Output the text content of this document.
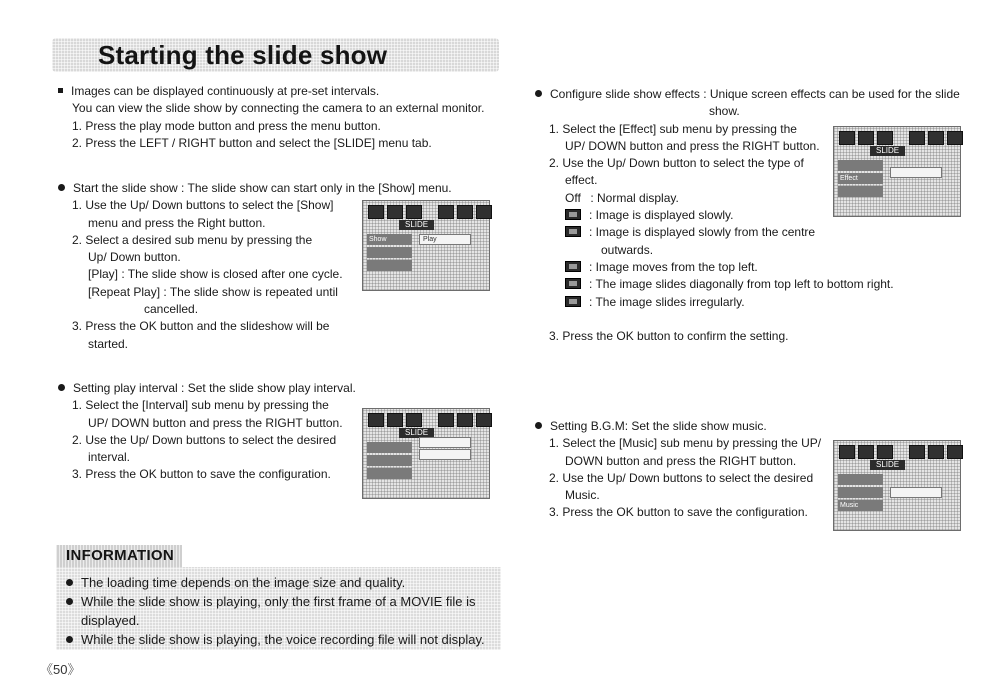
Starting the slide show
Images can be displayed continuously at pre-set intervals.
You can view the slide show by connecting the camera to an external monitor.
1. Press the play mode button and press the menu button.
2. Press the LEFT / RIGHT button and select the [SLIDE] menu tab.
Start the slide show : The slide show can start only in the [Show] menu.
1. Use the Up/ Down buttons to select the [Show]
menu and press the Right button.
2. Select a desired sub menu by pressing the
Up/ Down button.
[Play] : The slide show is closed after one cycle.
[Repeat Play] : The slide show is repeated until
cancelled.
3. Press the OK button and the slideshow will be
started.
Setting play interval : Set the slide show play interval.
1. Select the [Interval] sub menu by pressing the
UP/ DOWN button and press the RIGHT button.
2. Use the Up/ Down buttons to select the desired
interval.
3. Press the OK button to save the configuration.
SLIDE
Show	Play
SLIDE
Configure slide show effects : Unique screen effects can be used for the slide
show.
1. Select the [Effect] sub menu by pressing the
UP/ DOWN button and press the RIGHT button.
2. Use the Up/ Down button to select the type of
effect.
Off : Normal display.
: Image is displayed slowly.
: Image is displayed slowly from the centre
outwards.
: Image moves from the top left.
: The image slides diagonally from top left to bottom right.
: The image slides irregularly.
3. Press the OK button to confirm the setting.
SLIDE
Effect
Setting B.G.M: Set the slide show music.
1. Select the [Music] sub menu by pressing the UP/
DOWN button and press the RIGHT button.
2. Use the Up/ Down buttons to select the desired
Music.
3. Press the OK button to save the configuration.
SLIDE
Music
INFORMATION
The loading time depends on the image size and quality.
While the slide show is playing, only the first frame of a MOVIE file is
displayed.
While the slide show is playing, the voice recording file will not display.
《50》
